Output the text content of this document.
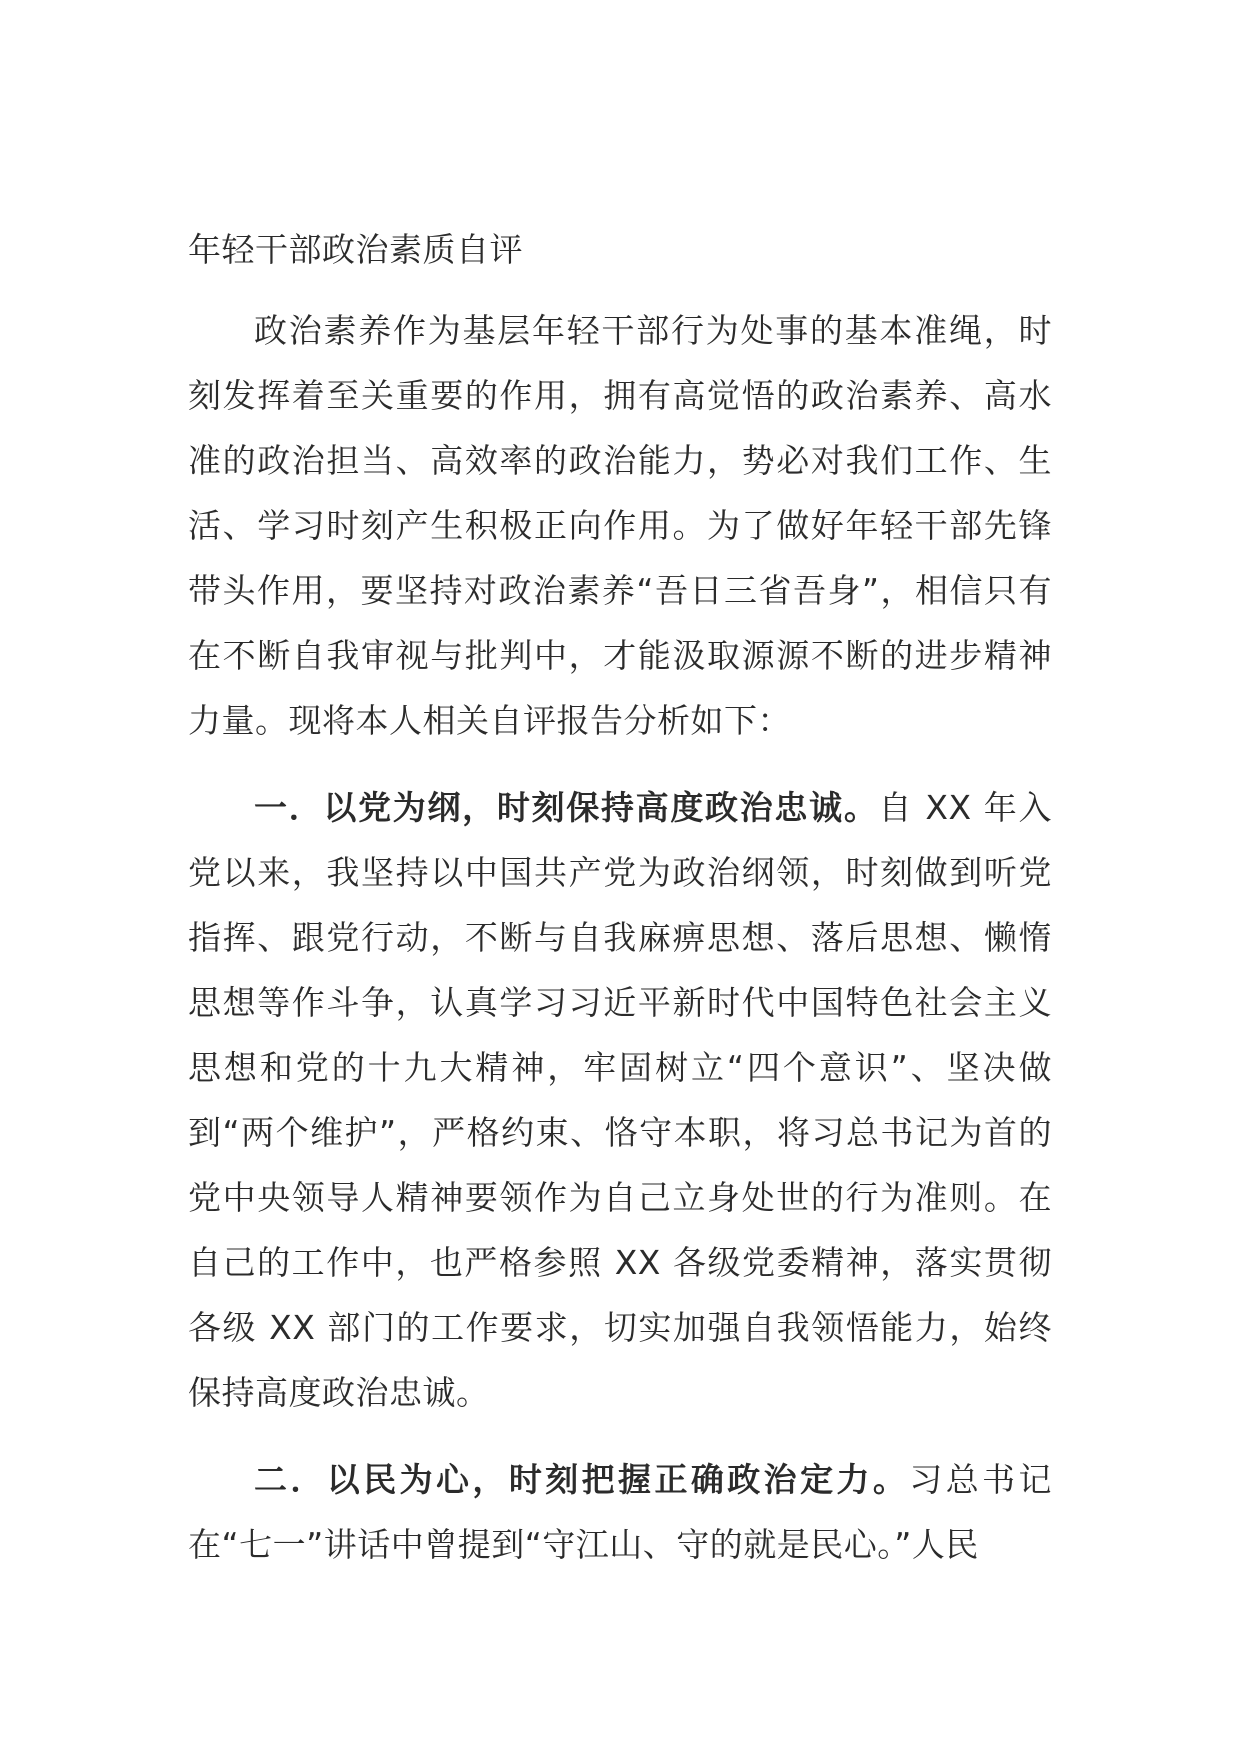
年轻干部政治素质自评

政治素养作为基层年轻干部行为处事的基本准绳，时刻发挥着至关重要的作用，拥有高觉悟的政治素养、高水准的政治担当、高效率的政治能力，势必对我们工作、生活、学习时刻产生积极正向作用。为了做好年轻干部先锋带头作用，要坚持对政治素养“吾日三省吾身”，相信只有在不断自我审视与批判中，才能汲取源源不断的进步精神力量。现将本人相关自评报告分析如下：

一．以党为纲，时刻保持高度政治忠诚。自 XX 年入党以来，我坚持以中国共产党为政治纲领，时刻做到听党指挥、跟党行动，不断与自我麻痹思想、落后思想、懒惰思想等作斗争，认真学习习近平新时代中国特色社会主义思想和党的十九大精神，牢固树立“四个意识”、坚决做到“两个维护”，严格约束、恪守本职，将习总书记为首的党中央领导人精神要领作为自己立身处世的行为准则。在自己的工作中，也严格参照 XX 各级党委精神，落实贯彻各级 XX 部门的工作要求，切实加强自我领悟能力，始终保持高度政治忠诚。

二．以民为心，时刻把握正确政治定力。习总书记在“七一”讲话中曾提到“守江山、守的就是民心。”人民
